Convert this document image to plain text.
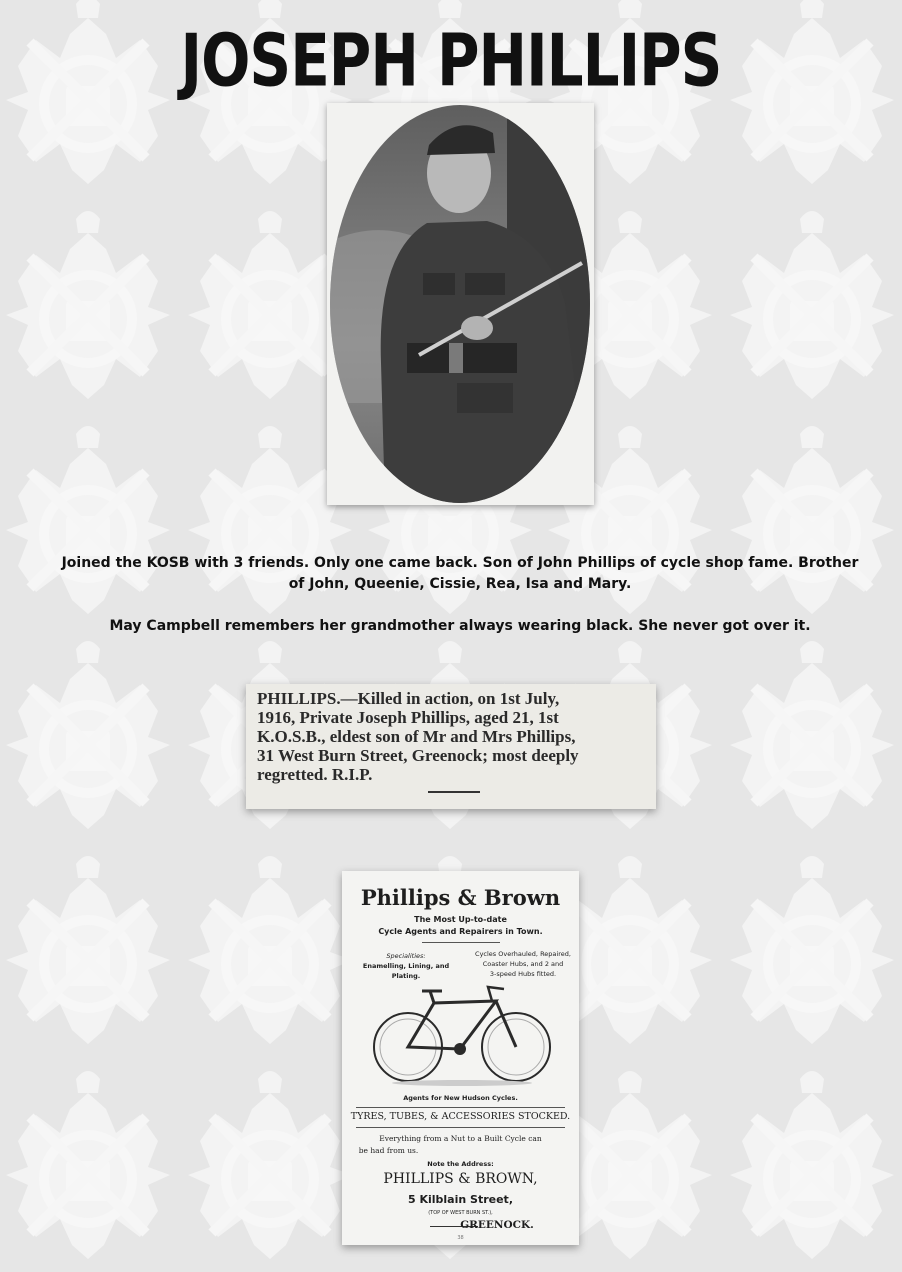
JOSEPH PHILLIPS

Joined the KOSB with 3 friends. Only one came back. Son of John Phillips of cycle shop fame. Brother of John, Queenie, Cissie, Rea, Isa and Mary.

May Campbell remembers her grandmother always wearing black. She never got over it.

PHILLIPS.—Killed in action, on 1st July,
1916, Private Joseph Phillips, aged 21, 1st
K.O.S.B., eldest son of Mr and Mrs Phillips,
31 West Burn Street, Greenock; most deeply
regretted. R.I.P.
Phillips & Brown
The Most Up-to-date
Cycle Agents and Repairers in Town.
Specialities:
Enamelling, Lining, and
Plating.
Cycles Overhauled, Repaired,
Coaster Hubs, and 2 and
3-speed Hubs fitted.
Agents for New Hudson Cycles.
TYRES, TUBES, & ACCESSORIES STOCKED.
Everything from a Nut to a Built Cycle can
be had from us.
Note the Address:
PHILLIPS & BROWN,
5 Kilblain Street,
(TOP OF WEST BURN ST.),
GREENOCK.
38
